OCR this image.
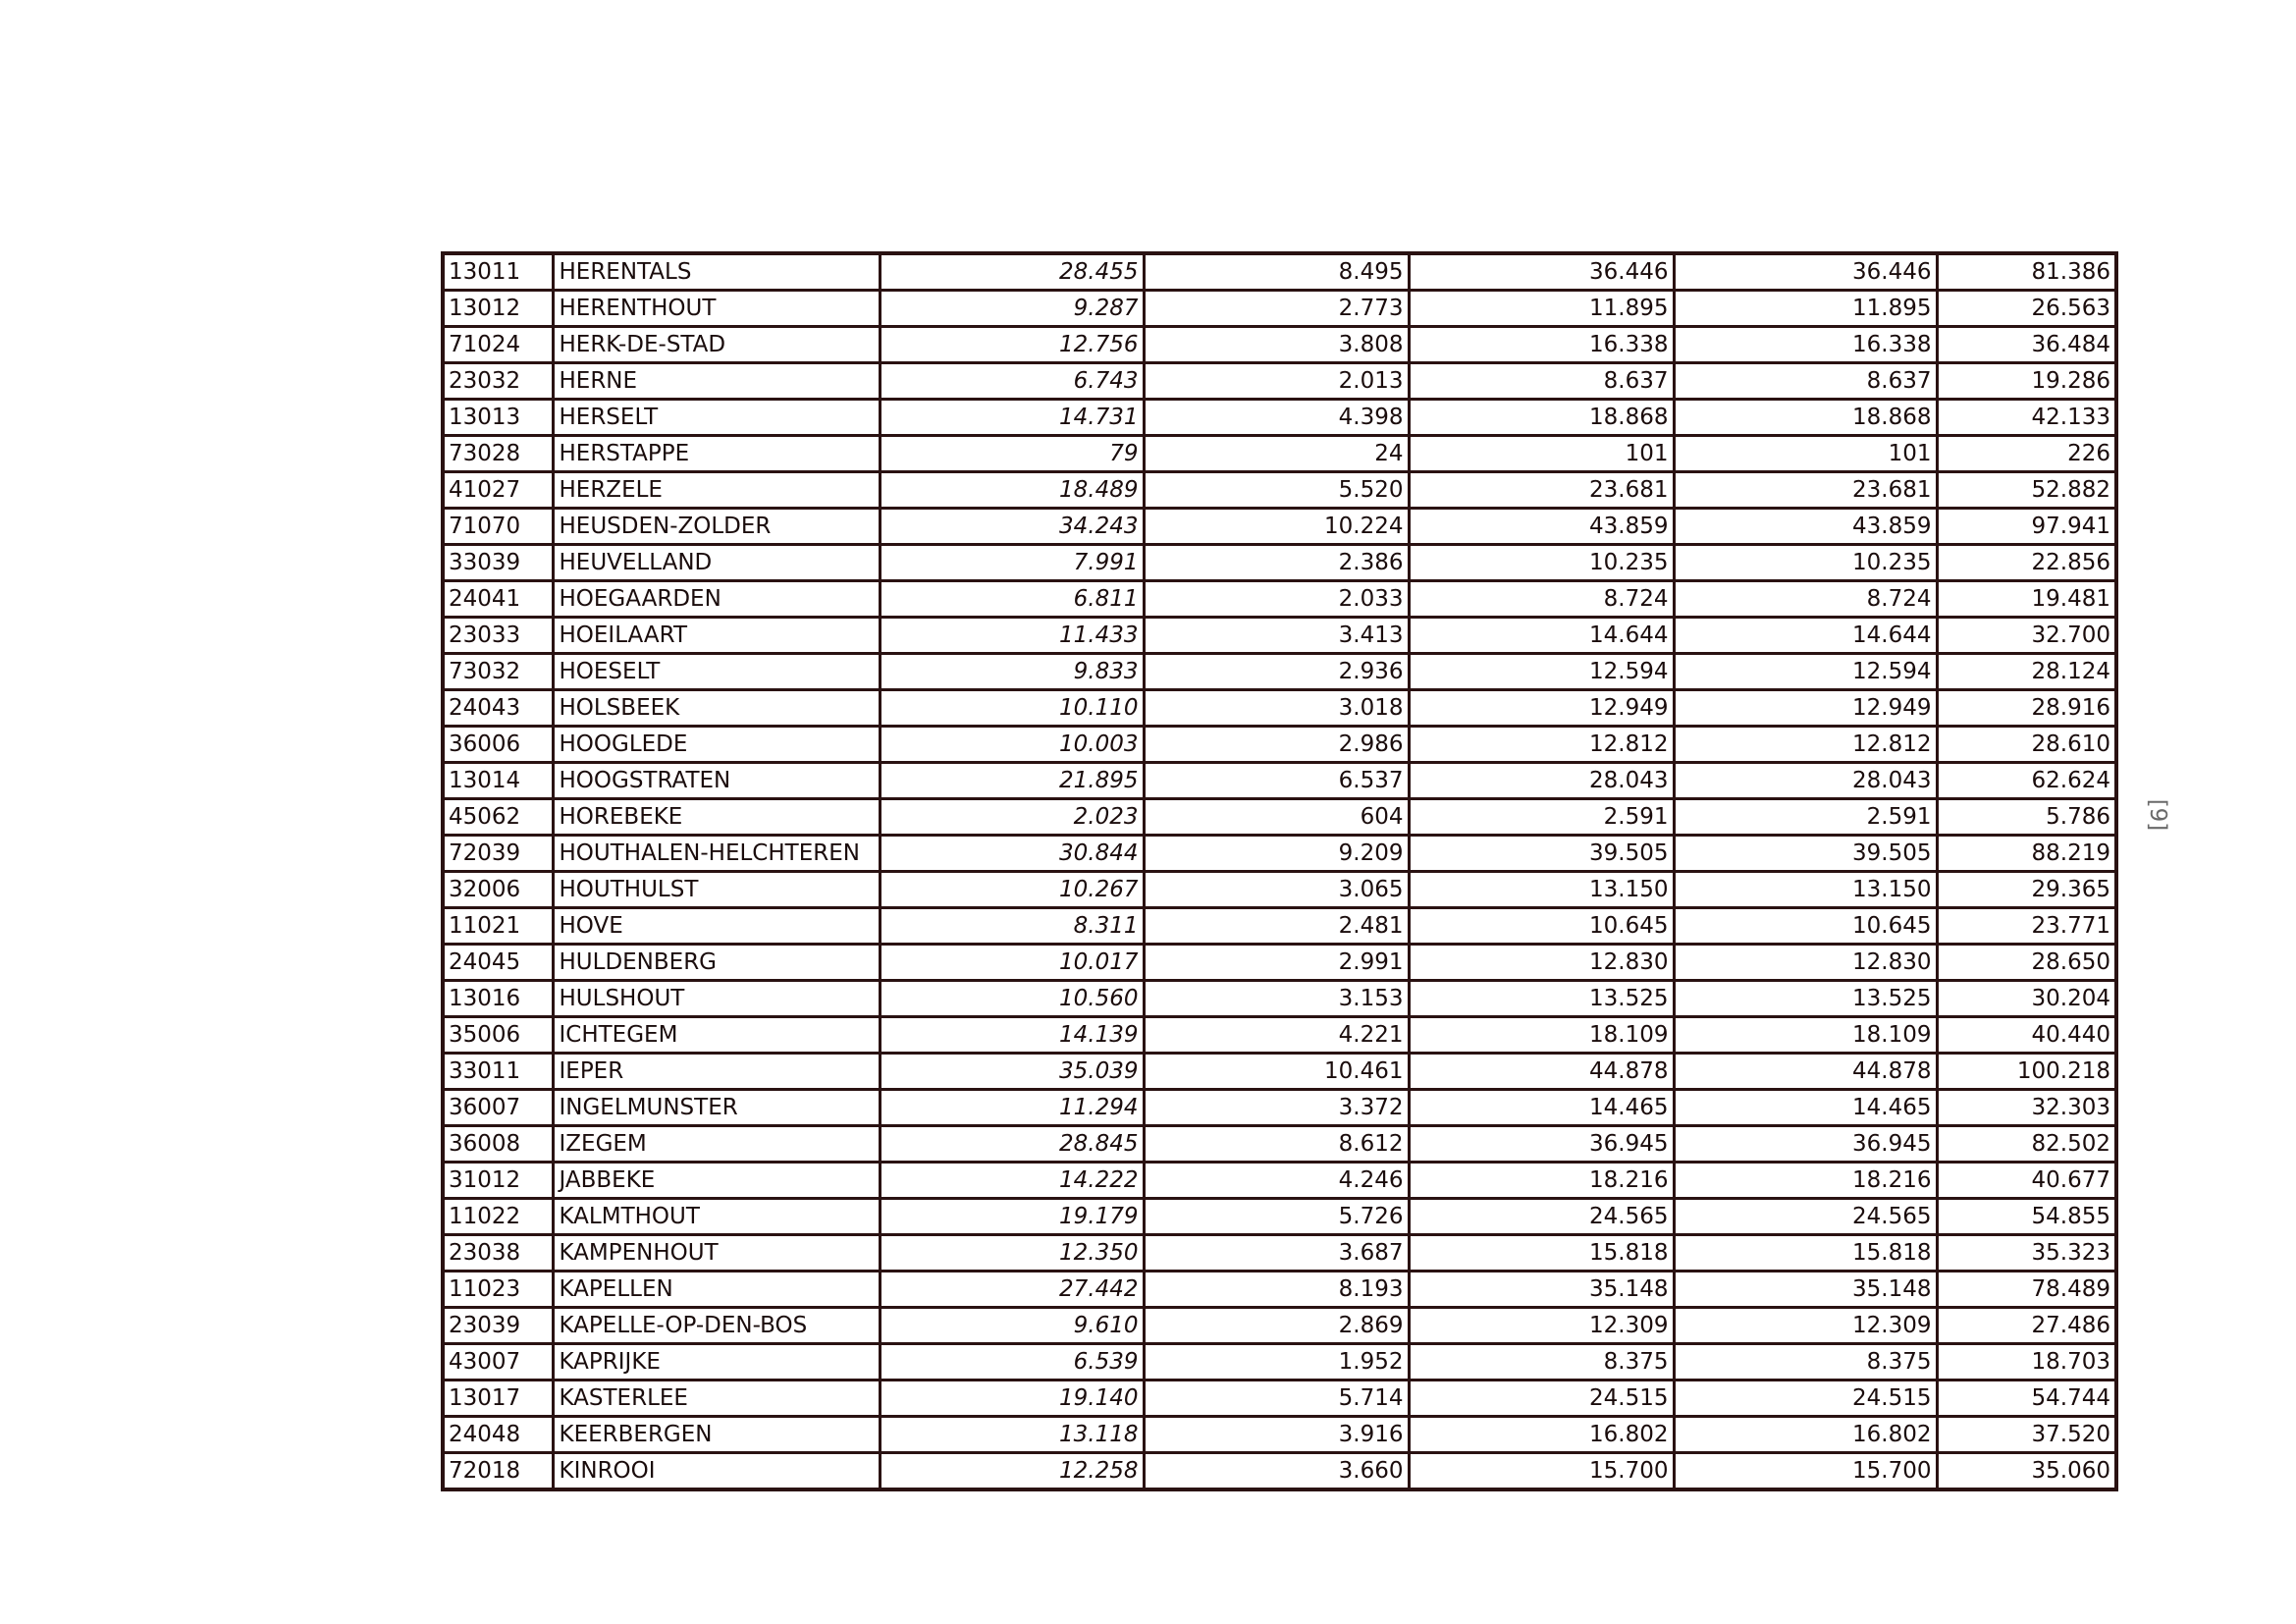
13011	HERENTALS	28.455	8.495	36.446	36.446	81.386
13012	HERENTHOUT	9.287	2.773	11.895	11.895	26.563
71024	HERK-DE-STAD	12.756	3.808	16.338	16.338	36.484
23032	HERNE	6.743	2.013	8.637	8.637	19.286
13013	HERSELT	14.731	4.398	18.868	18.868	42.133
73028	HERSTAPPE	79	24	101	101	226
41027	HERZELE	18.489	5.520	23.681	23.681	52.882
71070	HEUSDEN-ZOLDER	34.243	10.224	43.859	43.859	97.941
33039	HEUVELLAND	7.991	2.386	10.235	10.235	22.856
24041	HOEGAARDEN	6.811	2.033	8.724	8.724	19.481
23033	HOEILAART	11.433	3.413	14.644	14.644	32.700
73032	HOESELT	9.833	2.936	12.594	12.594	28.124
24043	HOLSBEEK	10.110	3.018	12.949	12.949	28.916
36006	HOOGLEDE	10.003	2.986	12.812	12.812	28.610
13014	HOOGSTRATEN	21.895	6.537	28.043	28.043	62.624
45062	HOREBEKE	2.023	604	2.591	2.591	5.786
72039	HOUTHALEN-HELCHTEREN	30.844	9.209	39.505	39.505	88.219
32006	HOUTHULST	10.267	3.065	13.150	13.150	29.365
11021	HOVE	8.311	2.481	10.645	10.645	23.771
24045	HULDENBERG	10.017	2.991	12.830	12.830	28.650
13016	HULSHOUT	10.560	3.153	13.525	13.525	30.204
35006	ICHTEGEM	14.139	4.221	18.109	18.109	40.440
33011	IEPER	35.039	10.461	44.878	44.878	100.218
36007	INGELMUNSTER	11.294	3.372	14.465	14.465	32.303
36008	IZEGEM	28.845	8.612	36.945	36.945	82.502
31012	JABBEKE	14.222	4.246	18.216	18.216	40.677
11022	KALMTHOUT	19.179	5.726	24.565	24.565	54.855
23038	KAMPENHOUT	12.350	3.687	15.818	15.818	35.323
11023	KAPELLEN	27.442	8.193	35.148	35.148	78.489
23039	KAPELLE-OP-DEN-BOS	9.610	2.869	12.309	12.309	27.486
43007	KAPRIJKE	6.539	1.952	8.375	8.375	18.703
13017	KASTERLEE	19.140	5.714	24.515	24.515	54.744
24048	KEERBERGEN	13.118	3.916	16.802	16.802	37.520
72018	KINROOI	12.258	3.660	15.700	15.700	35.060
[9]
